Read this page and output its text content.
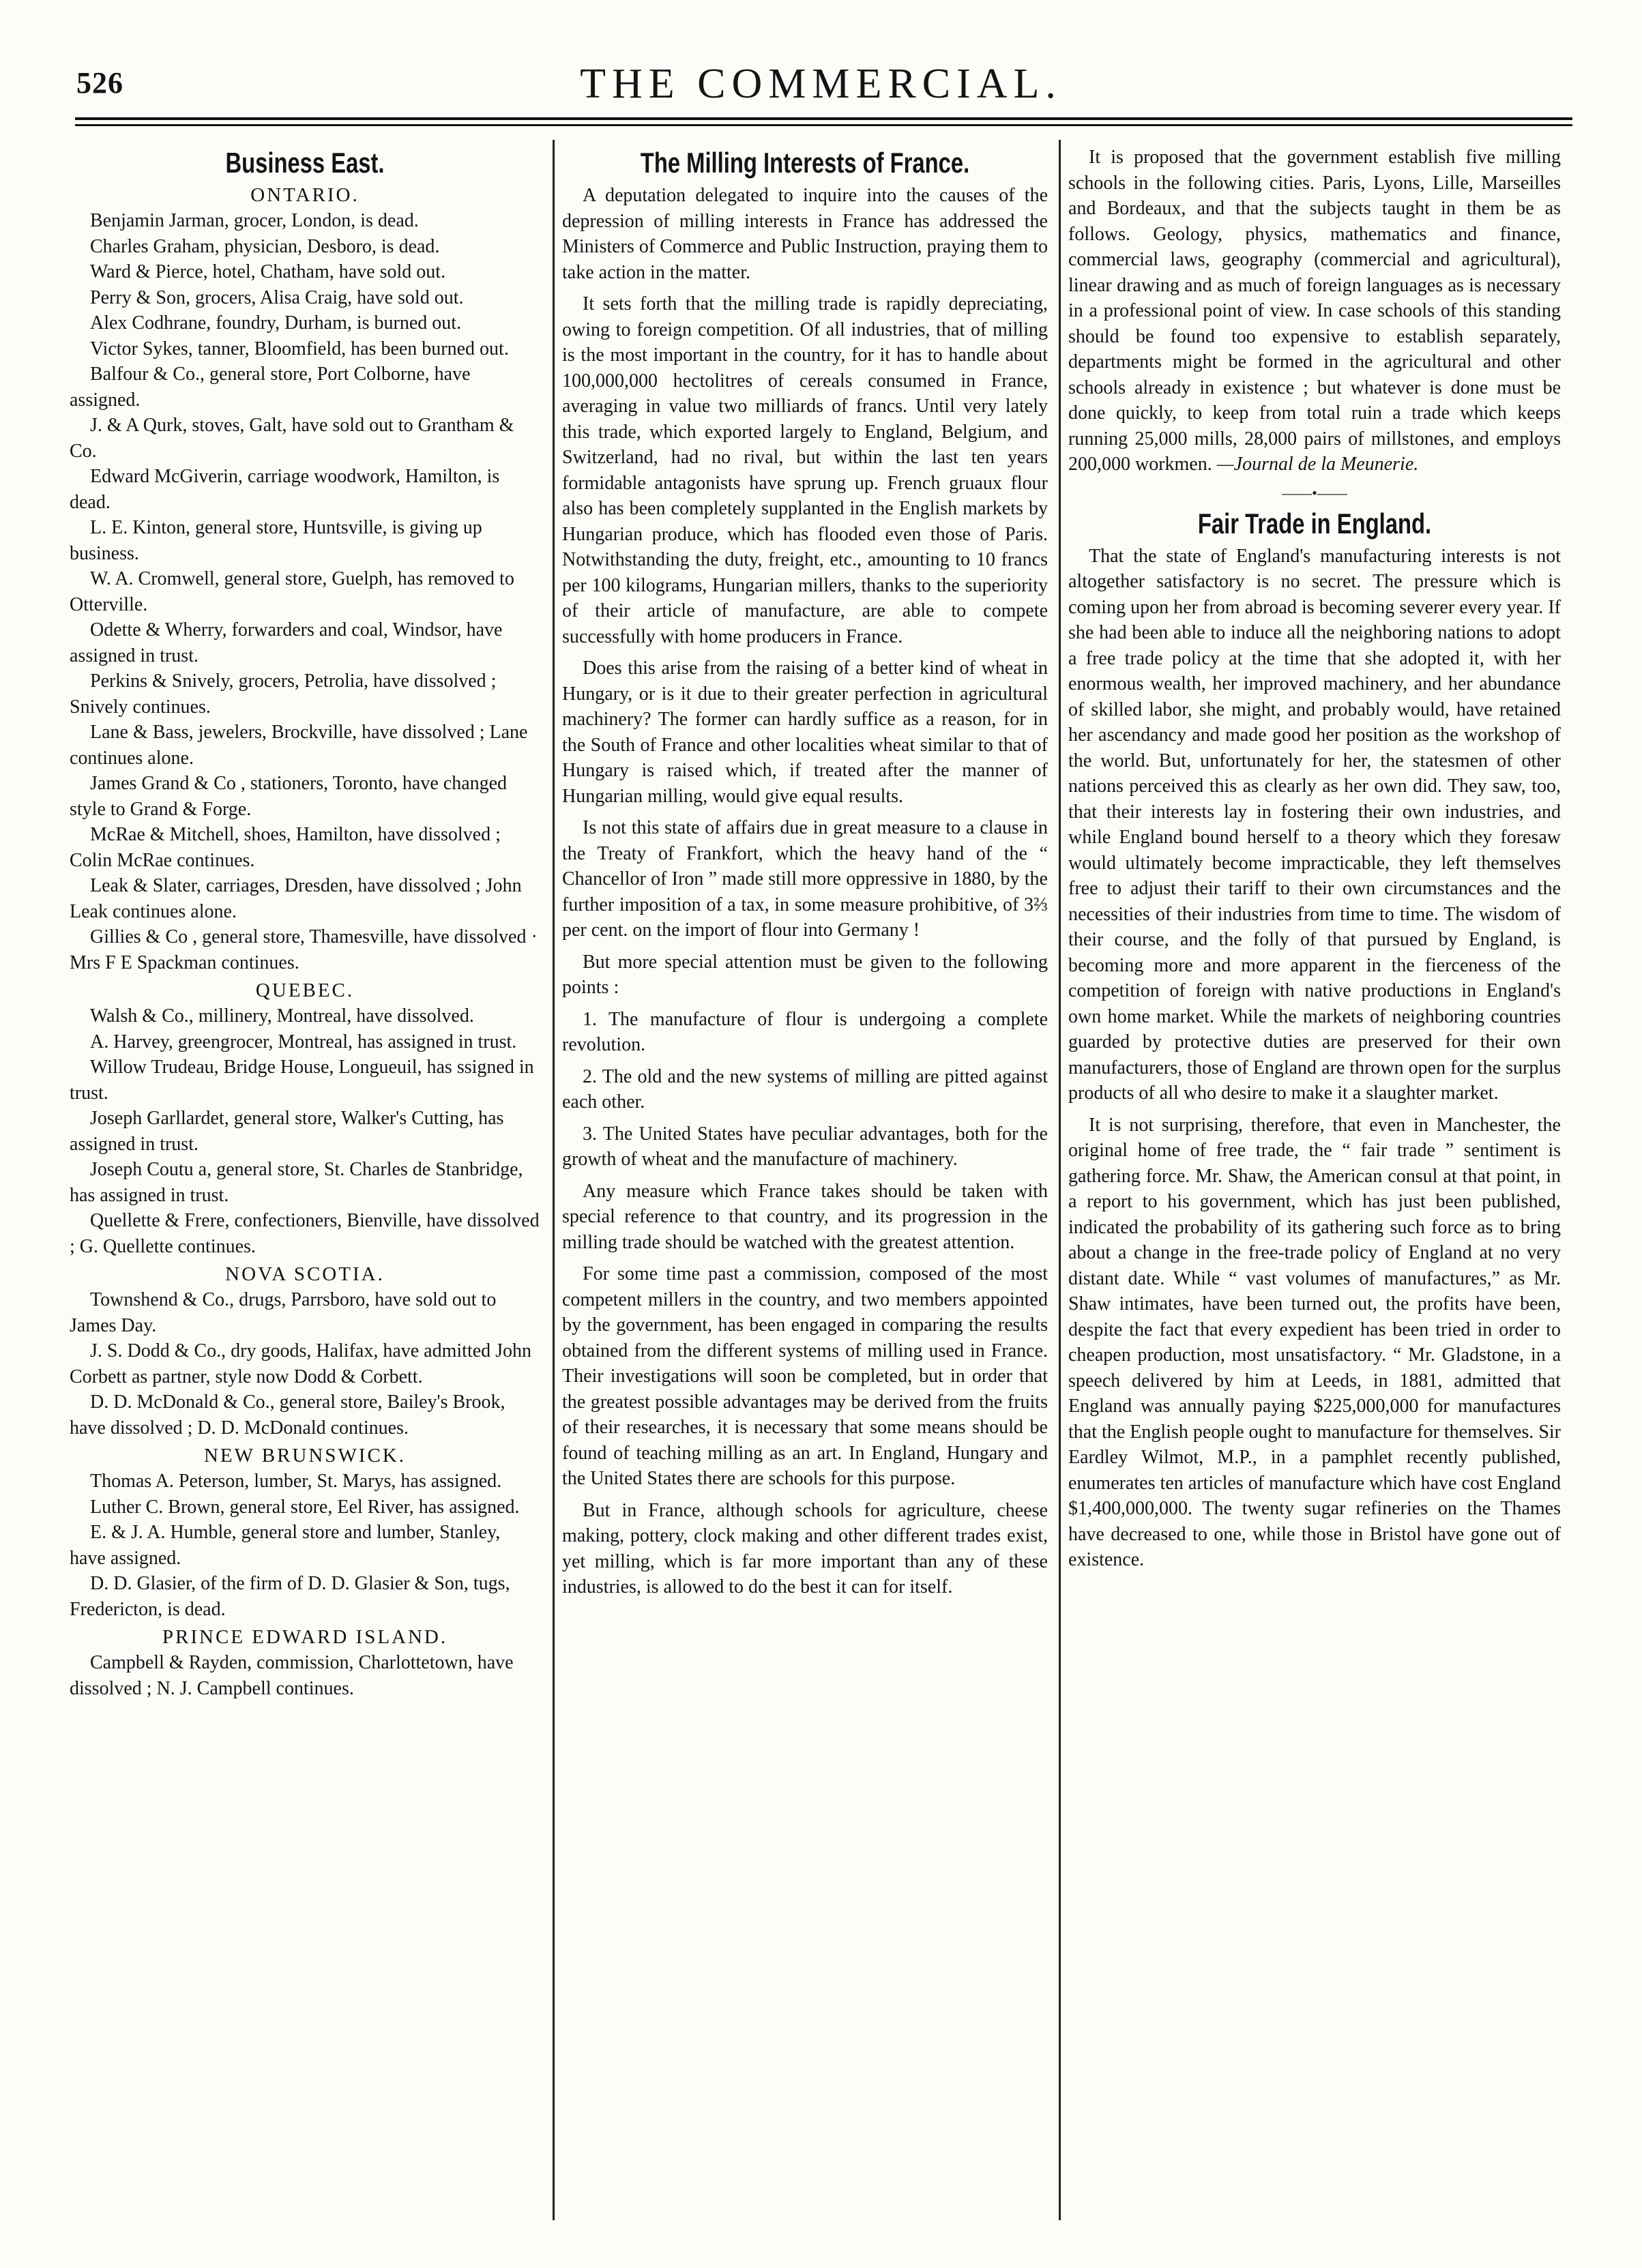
526	THE COMMERCIAL.
Business East.
ONTARIO.

Benjamin Jarman, grocer, London, is dead.

Charles Graham, physician, Desboro, is dead.

Ward & Pierce, hotel, Chatham, have sold out.

Perry & Son, grocers, Alisa Craig, have sold out.

Alex Codhrane, foundry, Durham, is burned out.

Victor Sykes, tanner, Bloomfield, has been burned out.

Balfour & Co., general store, Port Colborne, have assigned.

J. & A Qurk, stoves, Galt, have sold out to Grantham & Co.

Edward McGiverin, carriage woodwork, Hamilton, is dead.

L. E. Kinton, general store, Huntsville, is giving up business.

W. A. Cromwell, general store, Guelph, has removed to Otterville.

Odette & Wherry, forwarders and coal, Windsor, have assigned in trust.

Perkins & Snively, grocers, Petrolia, have dissolved ; Snively continues.

Lane & Bass, jewelers, Brockville, have dissolved ; Lane continues alone.

James Grand & Co , stationers, Toronto, have changed style to Grand & Forge.

McRae & Mitchell, shoes, Hamilton, have dissolved ; Colin McRae continues.

Leak & Slater, carriages, Dresden, have dissolved ; John Leak continues alone.

Gillies & Co , general store, Thamesville, have dissolved · Mrs F E Spackman continues.

QUEBEC.

Walsh & Co., millinery, Montreal, have dissolved.

A. Harvey, greengrocer, Montreal, has assigned in trust.

Willow Trudeau, Bridge House, Longueuil, has ssigned in trust.

Joseph Garllardet, general store, Walker's Cutting, has assigned in trust.

Joseph Coutu a, general store, St. Charles de Stanbridge, has assigned in trust.

Quellette & Frere, confectioners, Bienville, have dissolved ; G. Quellette continues.

NOVA SCOTIA.

Townshend & Co., drugs, Parrsboro, have sold out to James Day.

J. S. Dodd & Co., dry goods, Halifax, have admitted John Corbett as partner, style now Dodd & Corbett.

D. D. McDonald & Co., general store, Bailey's Brook, have dissolved ; D. D. McDonald continues.

NEW BRUNSWICK.

Thomas A. Peterson, lumber, St. Marys, has assigned.

Luther C. Brown, general store, Eel River, has assigned.

E. & J. A. Humble, general store and lumber, Stanley, have assigned.

D. D. Glasier, of the firm of D. D. Glasier & Son, tugs, Fredericton, is dead.

PRINCE EDWARD ISLAND.

Campbell & Rayden, commission, Charlottetown, have dissolved ; N. J. Campbell continues.

The Milling Interests of France.

A deputation delegated to inquire into the causes of the depression of milling interests in France has addressed the Ministers of Commerce and Public Instruction, praying them to take action in the matter.

It sets forth that the milling trade is rapidly depreciating, owing to foreign competition. Of all industries, that of milling is the most important in the country, for it has to handle about 100,000,000 hectolitres of cereals consumed in France, averaging in value two milliards of francs. Until very lately this trade, which exported largely to England, Belgium, and Switzerland, had no rival, but within the last ten years formidable antagonists have sprung up. French gruaux flour also has been completely supplanted in the English markets by Hungarian produce, which has flooded even those of Paris. Notwithstanding the duty, freight, etc., amounting to 10 francs per 100 kilograms, Hungarian millers, thanks to the superiority of their article of manufacture, are able to compete successfully with home producers in France.

Does this arise from the raising of a better kind of wheat in Hungary, or is it due to their greater perfection in agricultural machinery? The former can hardly suffice as a reason, for in the South of France and other localities wheat similar to that of Hungary is raised which, if treated after the manner of Hungarian milling, would give equal results.

Is not this state of affairs due in great measure to a clause in the Treaty of Frankfort, which the heavy hand of the “ Chancellor of Iron ” made still more oppressive in 1880, by the further imposition of a tax, in some measure prohibitive, of 3⅔ per cent. on the import of flour into Germany !

But more special attention must be given to the following points :

1. The manufacture of flour is undergoing a complete revolution.

2. The old and the new systems of milling are pitted against each other.

3. The United States have peculiar advantages, both for the growth of wheat and the manufacture of machinery.

Any measure which France takes should be taken with special reference to that country, and its progression in the milling trade should be watched with the greatest attention.

For some time past a commission, composed of the most competent millers in the country, and two members appointed by the government, has been engaged in comparing the results obtained from the different systems of milling used in France. Their investigations will soon be completed, but in order that the greatest possible advantages may be derived from the fruits of their researches, it is necessary that some means should be found of teaching milling as an art. In England, Hungary and the United States there are schools for this purpose.

But in France, although schools for agriculture, cheese making, pottery, clock making and other different trades exist, yet milling, which is far more important than any of these industries, is allowed to do the best it can for itself.

It is proposed that the government establish five milling schools in the following cities. Paris, Lyons, Lille, Marseilles and Bordeaux, and that the subjects taught in them be as follows. Geology, physics, mathematics and finance, commercial laws, geography (commercial and agricultural), linear drawing and as much of foreign languages as is necessary in a professional point of view. In case schools of this standing should be found too expensive to establish separately, departments might be formed in the agricultural and other schools already in existence ; but whatever is done must be done quickly, to keep from total ruin a trade which keeps running 25,000 mills, 28,000 pairs of millstones, and employs 200,000 workmen. —Journal de la Meunerie.

——•——
Fair Trade in England.

That the state of England's manufacturing interests is not altogether satisfactory is no secret. The pressure which is coming upon her from abroad is becoming severer every year. If she had been able to induce all the neighboring nations to adopt a free trade policy at the time that she adopted it, with her enormous wealth, her improved machinery, and her abundance of skilled labor, she might, and probably would, have retained her ascendancy and made good her position as the workshop of the world. But, unfortunately for her, the statesmen of other nations perceived this as clearly as her own did. They saw, too, that their interests lay in fostering their own industries, and while England bound herself to a theory which they foresaw would ultimately become impracticable, they left themselves free to adjust their tariff to their own circumstances and the necessities of their industries from time to time. The wisdom of their course, and the folly of that pursued by England, is becoming more and more apparent in the fierceness of the competition of foreign with native productions in England's own home market. While the markets of neighboring countries guarded by protective duties are preserved for their own manufacturers, those of England are thrown open for the surplus products of all who desire to make it a slaughter market.

It is not surprising, therefore, that even in Manchester, the original home of free trade, the “ fair trade ” sentiment is gathering force. Mr. Shaw, the American consul at that point, in a report to his government, which has just been published, indicated the probability of its gathering such force as to bring about a change in the free-trade policy of England at no very distant date. While “ vast volumes of manufactures,” as Mr. Shaw intimates, have been turned out, the profits have been, despite the fact that every expedient has been tried in order to cheapen production, most unsatisfactory. “ Mr. Gladstone, in a speech delivered by him at Leeds, in 1881, admitted that England was annually paying $225,000,000 for manufactures that the English people ought to manufacture for themselves. Sir Eardley Wilmot, M.P., in a pamphlet recently published, enumerates ten articles of manufacture which have cost England $1,400,000,000. The twenty sugar refineries on the Thames have decreased to one, while those in Bristol have gone out of existence.
